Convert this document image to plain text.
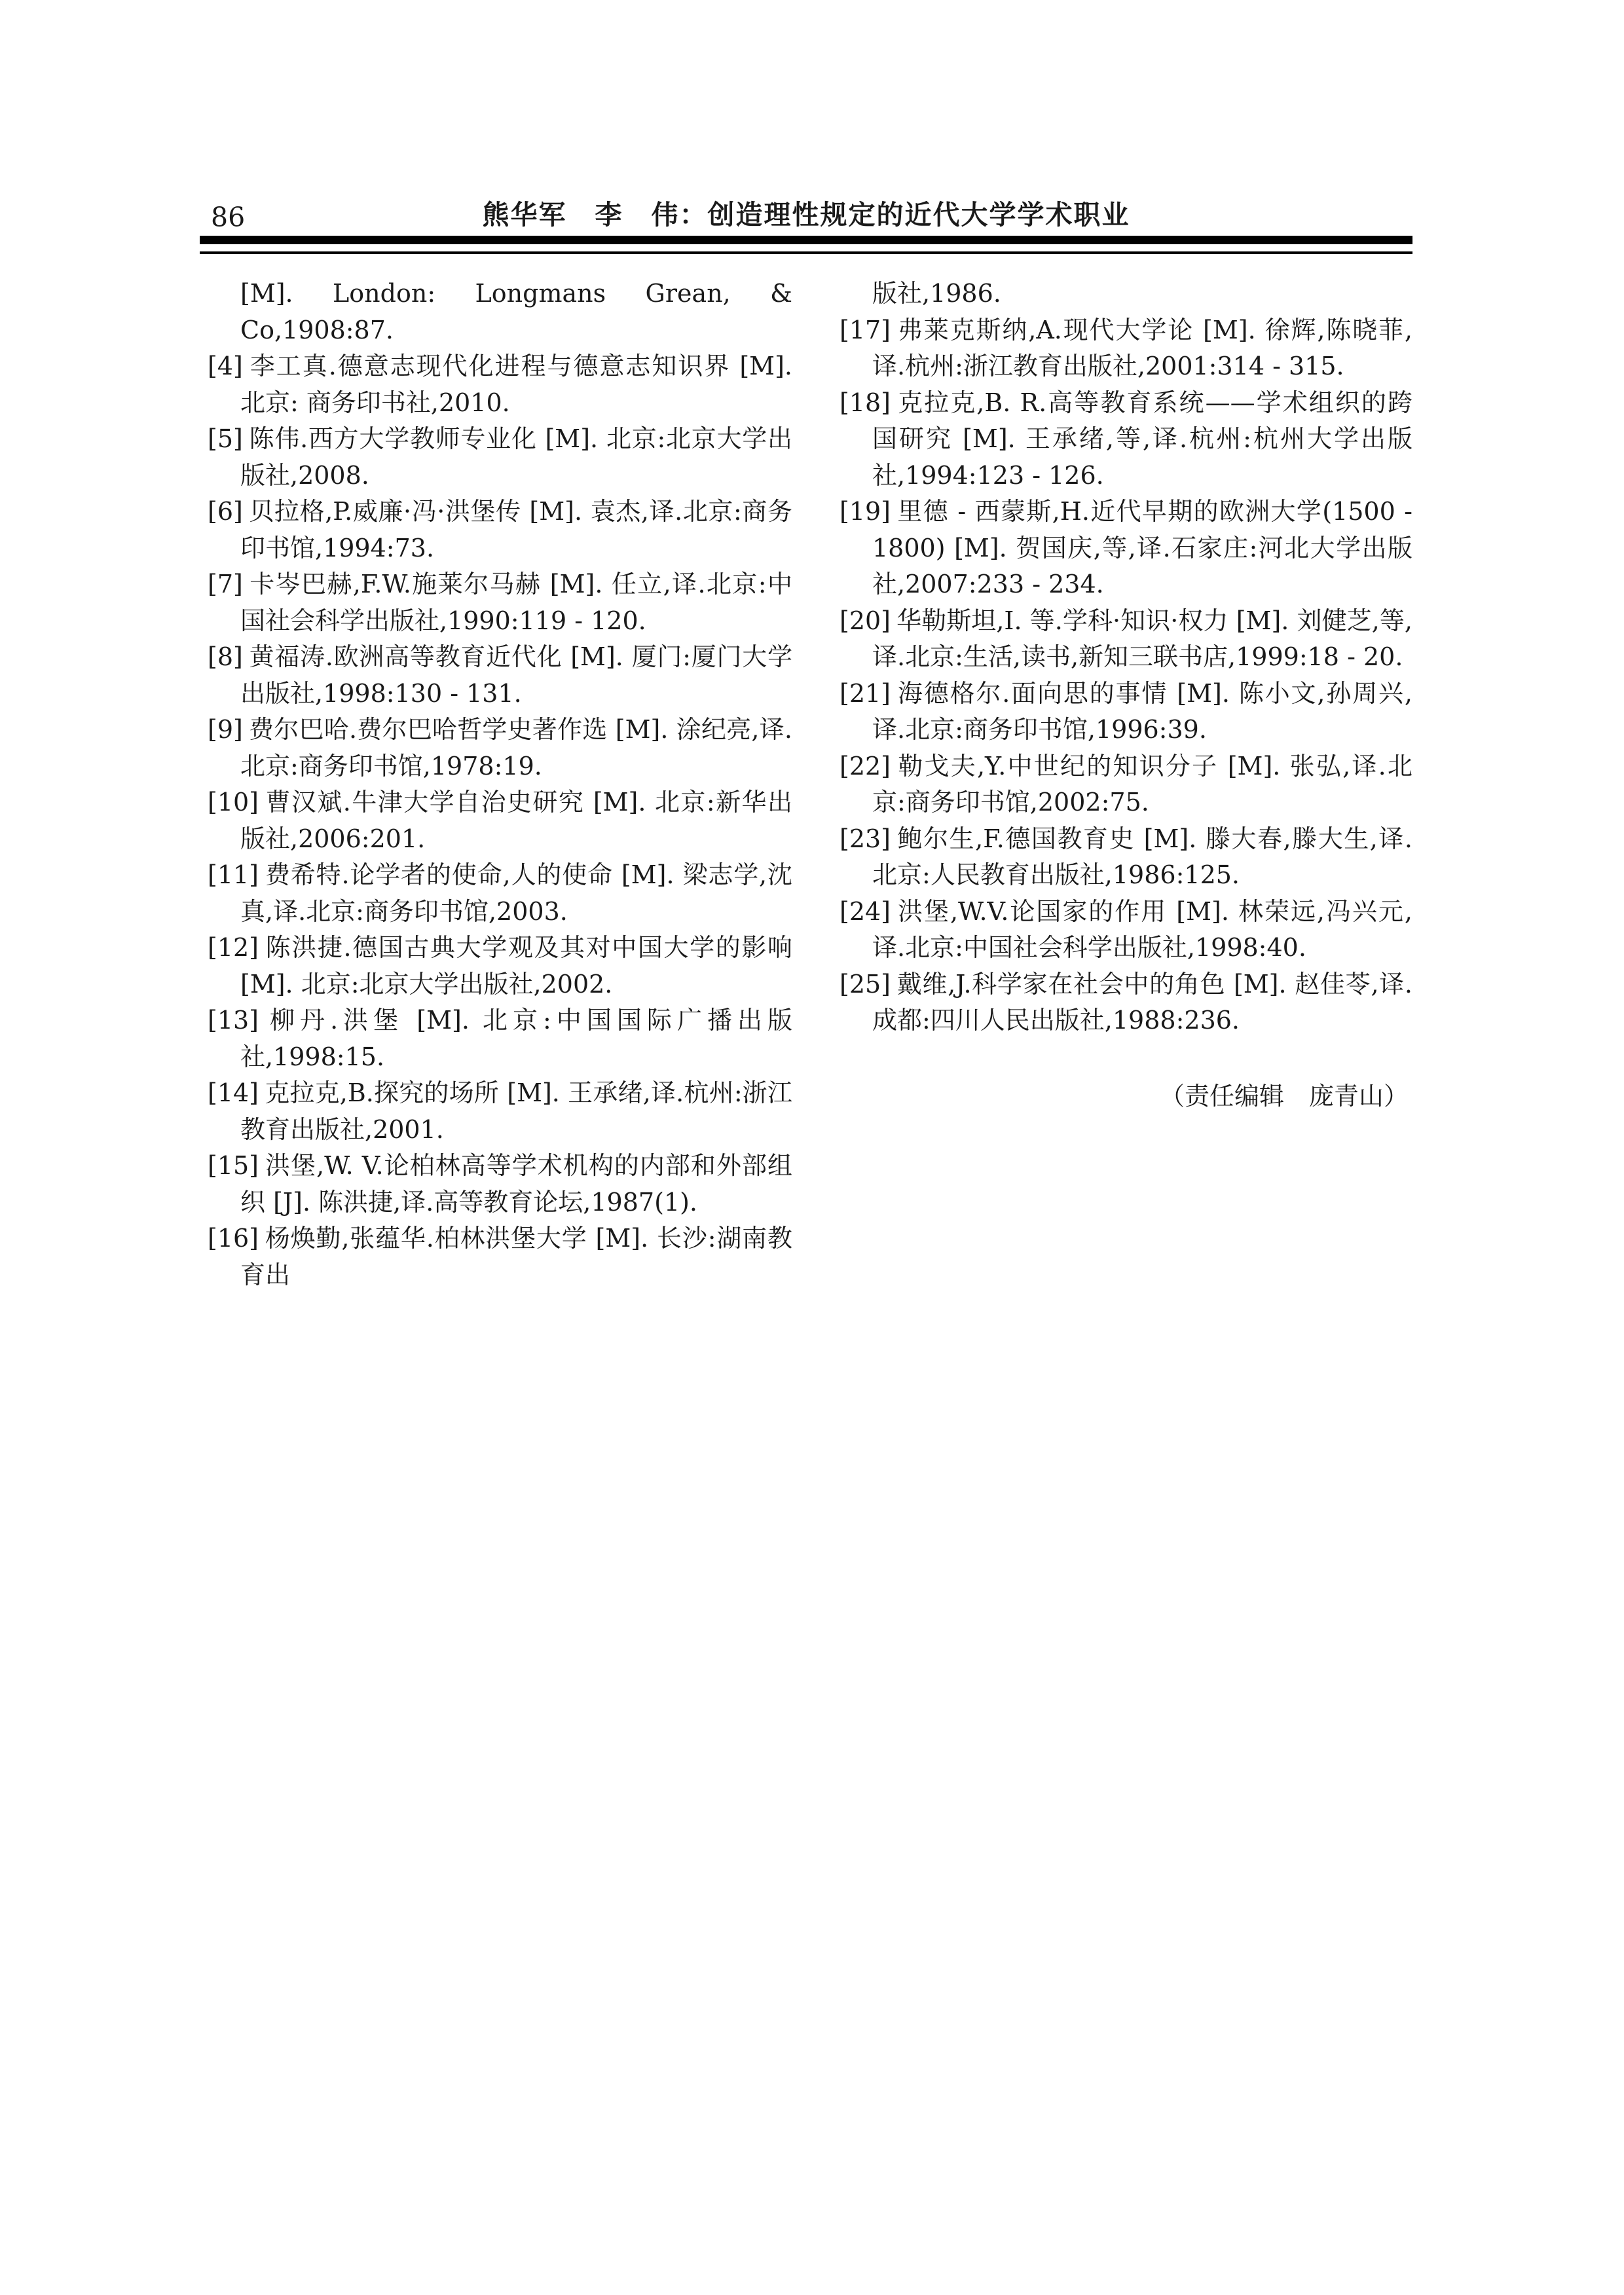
86	熊华军　李　伟：创造理性规定的近代大学学术职业

[M]. London: Longmans Grean, & Co,1908:87.

[4] 李工真.德意志现代化进程与德意志知识界 [M]. 北京: 商务印书社,2010.

[5] 陈伟.西方大学教师专业化 [M]. 北京:北京大学出版社,2008.

[6] 贝拉格,P.威廉·冯·洪堡传 [M]. 袁杰,译.北京:商务印书馆,1994:73.

[7] 卡岑巴赫,F.W.施莱尔马赫 [M]. 任立,译.北京:中国社会科学出版社,1990:119 - 120.

[8] 黄福涛.欧洲高等教育近代化 [M]. 厦门:厦门大学出版社,1998:130 - 131.

[9] 费尔巴哈.费尔巴哈哲学史著作选 [M]. 涂纪亮,译.北京:商务印书馆,1978:19.

[10] 曹汉斌.牛津大学自治史研究 [M]. 北京:新华出版社,2006:201.

[11] 费希特.论学者的使命,人的使命 [M]. 梁志学,沈真,译.北京:商务印书馆,2003.

[12] 陈洪捷.德国古典大学观及其对中国大学的影响 [M]. 北京:北京大学出版社,2002.

[13] 柳丹.洪堡 [M]. 北京:中国国际广播出版社,1998:15.

[14] 克拉克,B.探究的场所 [M]. 王承绪,译.杭州:浙江教育出版社,2001.

[15] 洪堡,W. V.论柏林高等学术机构的内部和外部组织 [J]. 陈洪捷,译.高等教育论坛,1987(1).

[16] 杨焕勤,张蕴华.柏林洪堡大学 [M]. 长沙:湖南教育出

版社,1986.

[17] 弗莱克斯纳,A.现代大学论 [M]. 徐辉,陈晓菲,译.杭州:浙江教育出版社,2001:314 - 315.

[18] 克拉克,B. R.高等教育系统——学术组织的跨国研究 [M]. 王承绪,等,译.杭州:杭州大学出版社,1994:123 - 126.

[19] 里德 - 西蒙斯,H.近代早期的欧洲大学(1500 - 1800) [M]. 贺国庆,等,译.石家庄:河北大学出版社,2007:233 - 234.

[20] 华勒斯坦,I. 等.学科·知识·权力 [M]. 刘健芝,等,译.北京:生活,读书,新知三联书店,1999:18 - 20.

[21] 海德格尔.面向思的事情 [M]. 陈小文,孙周兴,译.北京:商务印书馆,1996:39.

[22] 勒戈夫,Y.中世纪的知识分子 [M]. 张弘,译.北京:商务印书馆,2002:75.

[23] 鲍尔生,F.德国教育史 [M]. 滕大春,滕大生,译.北京:人民教育出版社,1986:125.

[24] 洪堡,W.V.论国家的作用 [M]. 林荣远,冯兴元,译.北京:中国社会科学出版社,1998:40.

[25] 戴维,J.科学家在社会中的角色 [M]. 赵佳苓,译.成都:四川人民出版社,1988:236.

（责任编辑　庞青山）
